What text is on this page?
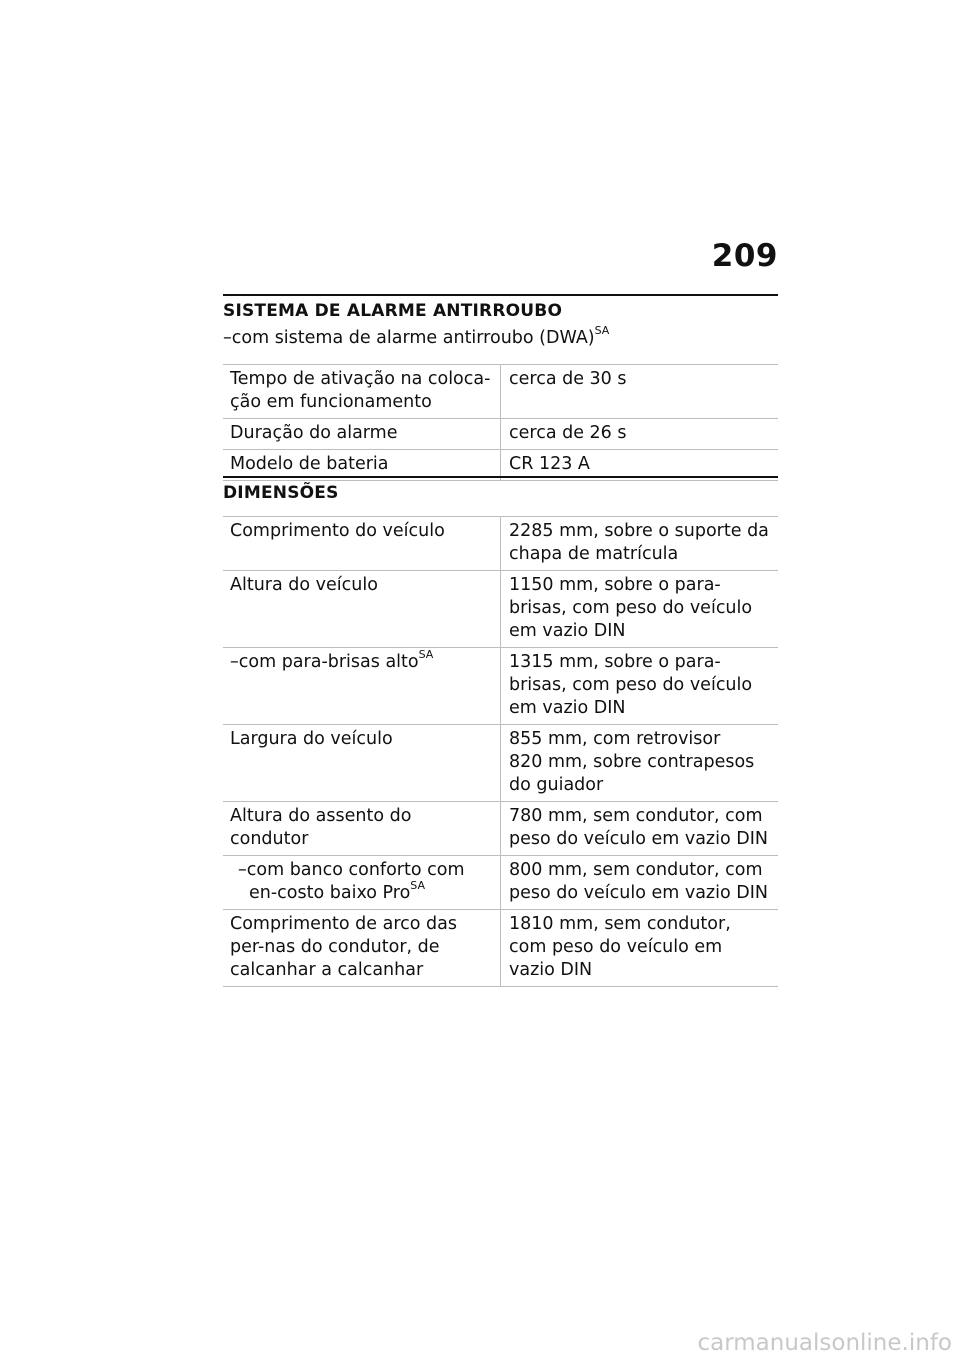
209
SISTEMA DE ALARME ANTIRROUBO
–com sistema de alarme antirroubo (DWA)$^{SA}$
Tempo de ativação na coloca-ção em funcionamento	cerca de 30 s
Duração do alarme	cerca de 26 s
Modelo de bateria	CR 123 A
DIMENSÕES
Comprimento do veículo	2285 mm, sobre o suporte da chapa de matrícula
Altura do veículo	1150 mm, sobre o para-brisas, com peso do veículo em vazio DIN
–com para-brisas alto$^{SA}$	1315 mm, sobre o para-brisas, com peso do veículo em vazio DIN
Largura do veículo	855 mm, com retrovisor
820 mm, sobre contrapesos do guiador

Altura do assento do condutor	780 mm, sem condutor, com peso do veículo em vazio DIN

–com banco conforto com en-costo baixo Pro$^{SA}$	800 mm, sem condutor, com peso do veículo em vazio DIN
Comprimento de arco das per-nas do condutor, de calcanhar a calcanhar	1810 mm, sem condutor, com peso do veículo em vazio DIN
carmanualsonline.info
